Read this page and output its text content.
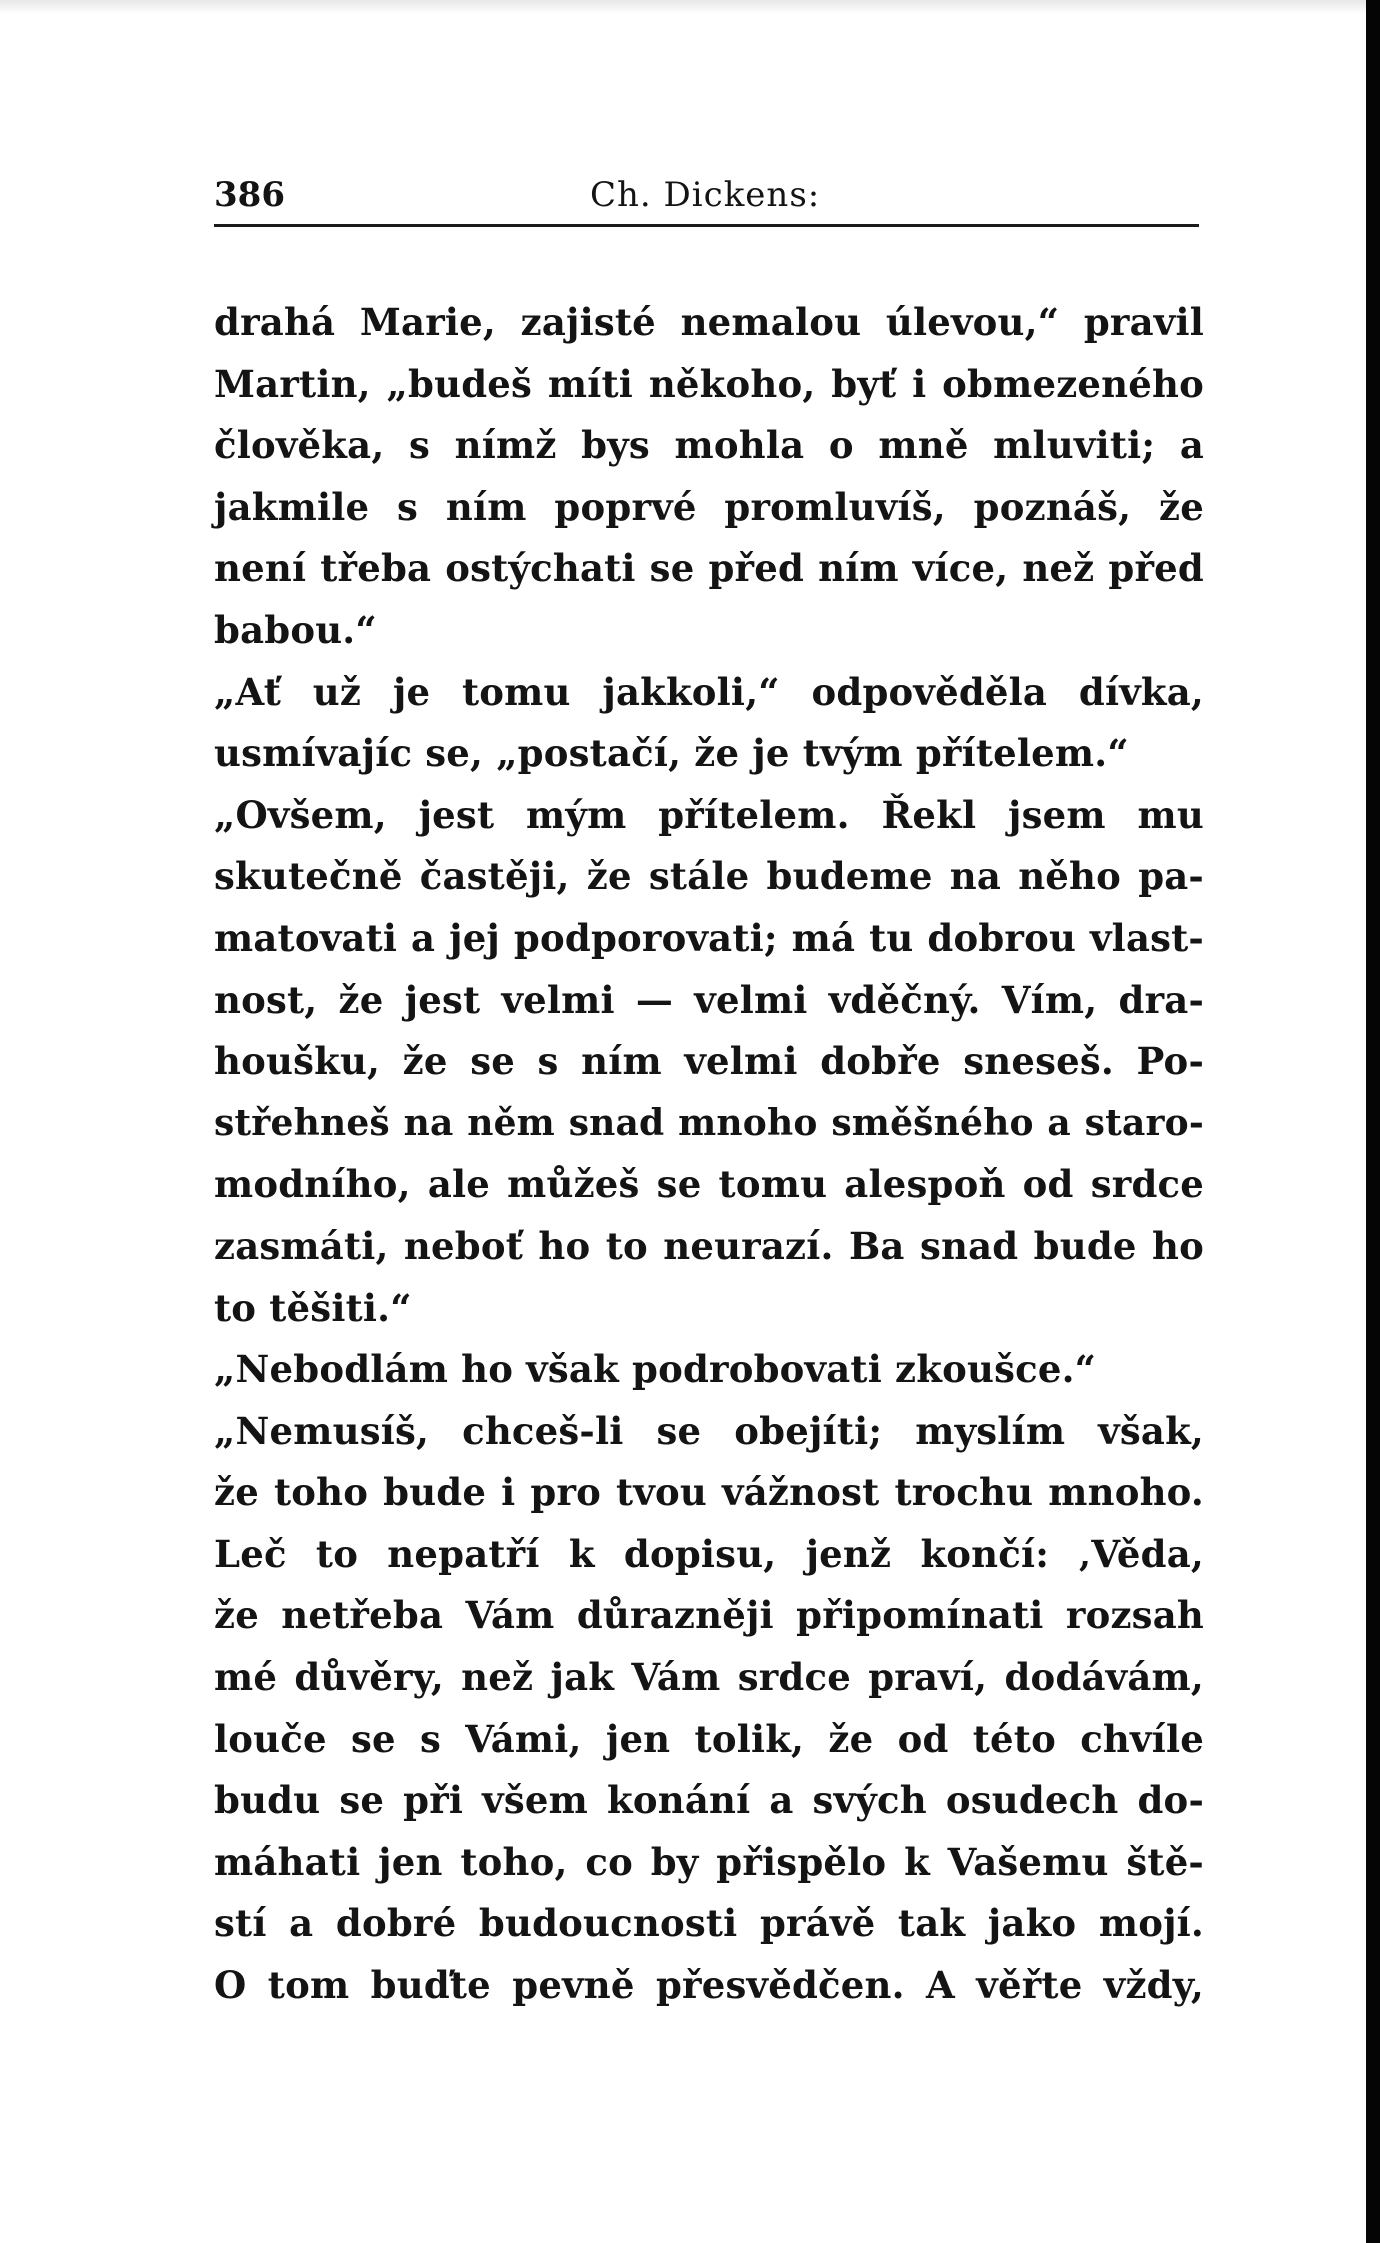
386	Ch. Dickens:
drahá Marie, zajisté nemalou úlevou,“ pravil
Martin, „budeš míti někoho, byť i obmezeného
člověka, s nímž bys mohla o mně mluviti; a
jakmile s ním poprvé promluvíš, poznáš, že
není třeba ostýchati se před ním více, než před
babou.“
„Ať už je tomu jakkoli,“ odpověděla dívka,
usmívajíc se, „postačí, že je tvým přítelem.“
„Ovšem, jest mým přítelem. Řekl jsem mu
skutečně častěji, že stále budeme na něho pa-
matovati a jej podporovati; má tu dobrou vlast-
nost, že jest velmi — velmi vděčný. Vím, dra-
houšku, že se s ním velmi dobře sneseš. Po-
střehneš na něm snad mnoho směšného a staro-
modního, ale můžeš se tomu alespoň od srdce
zasmáti, neboť ho to neurazí. Ba snad bude ho
to těšiti.“
„Nebodlám ho však podrobovati zkoušce.“
„Nemusíš, chceš-li se obejíti; myslím však,
že toho bude i pro tvou vážnost trochu mnoho.
Leč to nepatří k dopisu, jenž končí: ‚Věda,
že netřeba Vám důrazněji připomínati rozsah
mé důvěry, než jak Vám srdce praví, dodávám,
louče se s Vámi, jen tolik, že od této chvíle
budu se při všem konání a svých osudech do-
máhati jen toho, co by přispělo k Vašemu ště-
stí a dobré budoucnosti právě tak jako mojí.
O tom buďte pevně přesvědčen. A věřte vždy,
